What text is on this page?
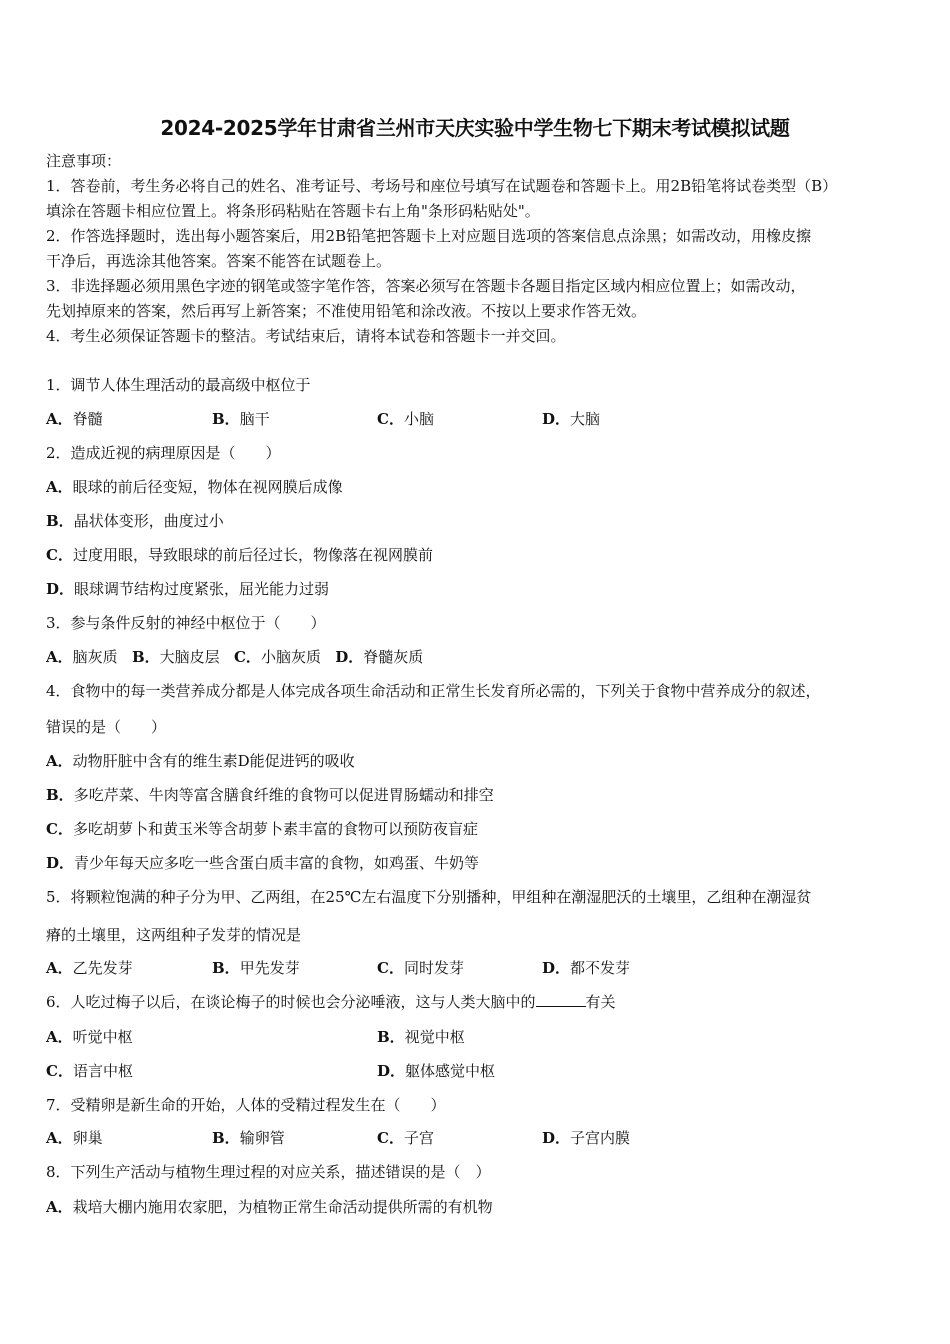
2024-2025学年甘肃省兰州市天庆实验中学生物七下期末考试模拟试题
注意事项：
1．答卷前，考生务必将自己的姓名、准考证号、考场号和座位号填写在试题卷和答题卡上。用2B铅笔将试卷类型（B）
填涂在答题卡相应位置上。将条形码粘贴在答题卡右上角"条形码粘贴处"。
2．作答选择题时，选出每小题答案后，用2B铅笔把答题卡上对应题目选项的答案信息点涂黑；如需改动，用橡皮擦
干净后，再选涂其他答案。答案不能答在试题卷上。
3．非选择题必须用黑色字迹的钢笔或签字笔作答，答案必须写在答题卡各题目指定区域内相应位置上；如需改动，
先划掉原来的答案，然后再写上新答案；不准使用铅笔和涂改液。不按以上要求作答无效。
4．考生必须保证答题卡的整洁。考试结束后，请将本试卷和答题卡一并交回。
1．调节人体生理活动的最高级中枢位于
A．脊髓	B．脑干	C．小脑	D．大脑
2．造成近视的病理原因是（　　）
A．眼球的前后径变短，物体在视网膜后成像
B．晶状体变形，曲度过小
C．过度用眼，导致眼球的前后径过长，物像落在视网膜前
D．眼球调节结构过度紧张，屈光能力过弱
3．参与条件反射的神经中枢位于（　　）
A．脑灰质 B．大脑皮层 C．小脑灰质 D．脊髓灰质
4．食物中的每一类营养成分都是人体完成各项生命活动和正常生长发育所必需的，下列关于食物中营养成分的叙述，
错误的是（　　）
A．动物肝脏中含有的维生素D能促进钙的吸收
B．多吃芹菜、牛肉等富含膳食纤维的食物可以促进胃肠蠕动和排空
C．多吃胡萝卜和黄玉米等含胡萝卜素丰富的食物可以预防夜盲症
D．青少年每天应多吃一些含蛋白质丰富的食物，如鸡蛋、牛奶等
5．将颗粒饱满的种子分为甲、乙两组，在25℃左右温度下分别播种，甲组种在潮湿肥沃的土壤里，乙组种在潮湿贫
瘠的土壤里，这两组种子发芽的情况是
A．乙先发芽	B．甲先发芽	C．同时发芽	D．都不发芽
6．人吃过梅子以后，在谈论梅子的时候也会分泌唾液，这与人类大脑中的	有关
A．听觉中枢	B．视觉中枢
C．语言中枢	D．躯体感觉中枢
7．受精卵是新生命的开始，人体的受精过程发生在（　　）
A．卵巢	B．输卵管	C．子宫	D．子宫内膜
8．下列生产活动与植物生理过程的对应关系，描述错误的是（　）
A．栽培大棚内施用农家肥，为植物正常生命活动提供所需的有机物
